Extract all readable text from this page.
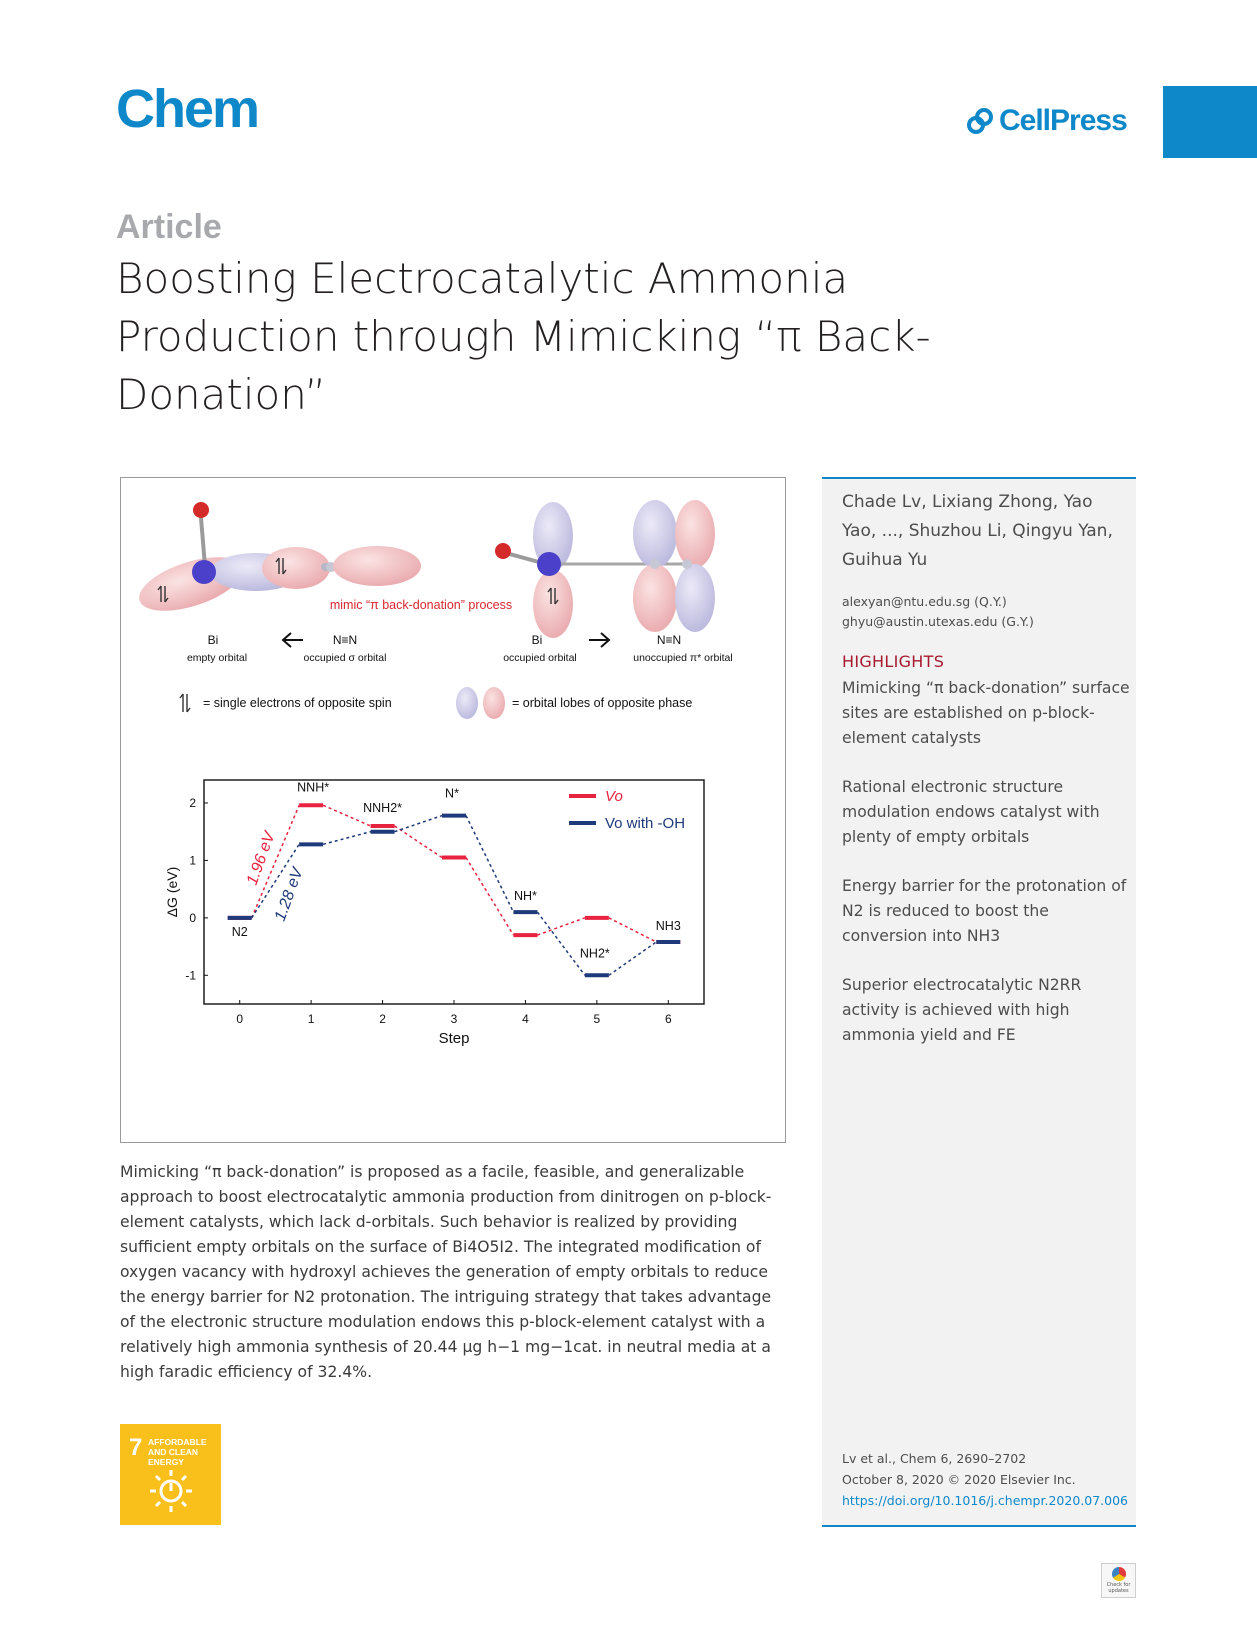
Chem	CellPress
Article
Boosting Electrocatalytic Ammonia
Production through Mimicking “π Back-
Donation”
mimic “π back-donation” process
Bi
empty orbital
N≡N
occupied σ orbital
Bi
occupied orbital
N≡N
unoccupied π* orbital
= single electrons of opposite spin	= orbital lobes of opposite phase
0	1	2	3	4	5	6
2
1
0
-1
N2
NNH*
NNH2*
N*
NH*
NH2*
NH3
Step
ΔG (eV)
Vo
Vo with -OH
1.96 eV
1.28 eV

Mimicking “π back-donation” is proposed as a facile, feasible, and generalizable approach to boost electrocatalytic ammonia production from dinitrogen on p-block-element catalysts, which lack d-orbitals. Such behavior is realized by providing sufficient empty orbitals on the surface of Bi4O5I2. The integrated modification of oxygen vacancy with hydroxyl achieves the generation of empty orbitals to reduce the energy barrier for N2 protonation. The intriguing strategy that takes advantage of the electronic structure modulation endows this p-block-element catalyst with a relatively high ammonia synthesis of 20.44 μg h−1 mg−1cat. in neutral media at a high faradic efficiency of 32.4%.

7 AFFORDABLE AND CLEAN ENERGY
Chade Lv, Lixiang Zhong, Yao Yao, ..., Shuzhou Li, Qingyu Yan, Guihua Yu
alexyan@ntu.edu.sg (Q.Y.)
ghyu@austin.utexas.edu (G.Y.)
HIGHLIGHTS
Mimicking “π back-donation” surface sites are established on p-block-element catalysts
Rational electronic structure modulation endows catalyst with plenty of empty orbitals
Energy barrier for the protonation of N2 is reduced to boost the conversion into NH3
Superior electrocatalytic N2RR activity is achieved with high ammonia yield and FE
Lv et al., Chem 6, 2690–2702
October 8, 2020 © 2020 Elsevier Inc.
https://doi.org/10.1016/j.chempr.2020.07.006
Check for updates
